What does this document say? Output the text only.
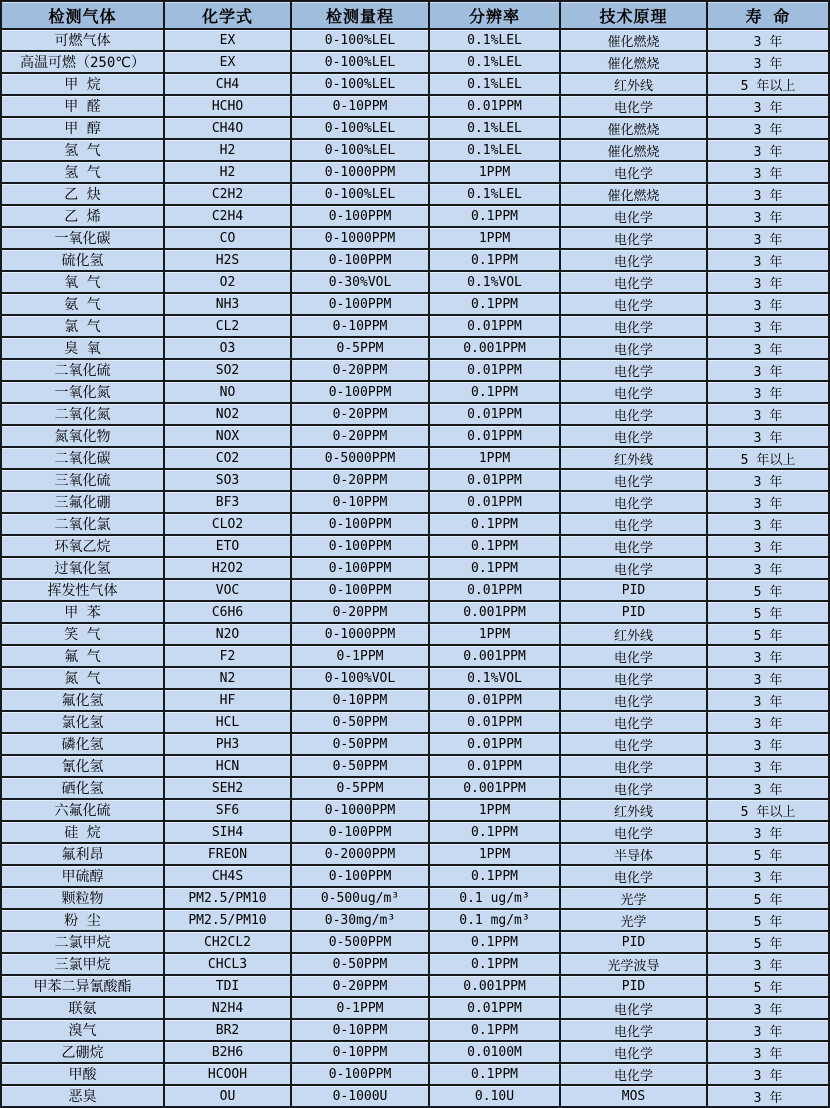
检测气体	化学式	检测量程	分辨率	技术原理	寿 命
可燃气体	EX	0-100%LEL	0.1%LEL	催化燃烧	3 年
高温可燃（250℃）	EX	0-100%LEL	0.1%LEL	催化燃烧	3 年
甲 烷	CH4	0-100%LEL	0.1%LEL	红外线	5 年以上
甲 醛	HCHO	0-10PPM	0.01PPM	电化学	3 年
甲 醇	CH4O	0-100%LEL	0.1%LEL	催化燃烧	3 年
氢 气	H2	0-100%LEL	0.1%LEL	催化燃烧	3 年
氢 气	H2	0-1000PPM	1PPM	电化学	3 年
乙 炔	C2H2	0-100%LEL	0.1%LEL	催化燃烧	3 年
乙 烯	C2H4	0-100PPM	0.1PPM	电化学	3 年
一氧化碳	CO	0-1000PPM	1PPM	电化学	3 年
硫化氢	H2S	0-100PPM	0.1PPM	电化学	3 年
氧 气	O2	0-30%VOL	0.1%VOL	电化学	3 年
氨 气	NH3	0-100PPM	0.1PPM	电化学	3 年
氯 气	CL2	0-10PPM	0.01PPM	电化学	3 年
臭 氧	O3	0-5PPM	0.001PPM	电化学	3 年
二氧化硫	SO2	0-20PPM	0.01PPM	电化学	3 年
一氧化氮	NO	0-100PPM	0.1PPM	电化学	3 年
二氧化氮	NO2	0-20PPM	0.01PPM	电化学	3 年
氮氧化物	NOX	0-20PPM	0.01PPM	电化学	3 年
二氧化碳	CO2	0-5000PPM	1PPM	红外线	5 年以上
三氧化硫	SO3	0-20PPM	0.01PPM	电化学	3 年
三氟化硼	BF3	0-10PPM	0.01PPM	电化学	3 年
二氧化氯	CLO2	0-100PPM	0.1PPM	电化学	3 年
环氧乙烷	ETO	0-100PPM	0.1PPM	电化学	3 年
过氧化氢	H2O2	0-100PPM	0.1PPM	电化学	3 年
挥发性气体	VOC	0-100PPM	0.01PPM	PID	5 年
甲 苯	C6H6	0-20PPM	0.001PPM	PID	5 年
笑 气	N2O	0-1000PPM	1PPM	红外线	5 年
氟 气	F2	0-1PPM	0.001PPM	电化学	3 年
氮 气	N2	0-100%VOL	0.1%VOL	电化学	3 年
氟化氢	HF	0-10PPM	0.01PPM	电化学	3 年
氯化氢	HCL	0-50PPM	0.01PPM	电化学	3 年
磷化氢	PH3	0-50PPM	0.01PPM	电化学	3 年
氰化氢	HCN	0-50PPM	0.01PPM	电化学	3 年
硒化氢	SEH2	0-5PPM	0.001PPM	电化学	3 年
六氟化硫	SF6	0-1000PPM	1PPM	红外线	5 年以上
硅 烷	SIH4	0-100PPM	0.1PPM	电化学	3 年
氟利昂	FREON	0-2000PPM	1PPM	半导体	5 年
甲硫醇	CH4S	0-100PPM	0.1PPM	电化学	3 年
颗粒物	PM2.5/PM10	0-500ug/m³	0.1 ug/m³	光学	5 年
粉 尘	PM2.5/PM10	0-30mg/m³	0.1 mg/m³	光学	5 年
二氯甲烷	CH2CL2	0-500PPM	0.1PPM	PID	5 年
三氯甲烷	CHCL3	0-50PPM	0.1PPM	光学波导	3 年
甲苯二异氰酸酯	TDI	0-20PPM	0.001PPM	PID	5 年
联氨	N2H4	0-1PPM	0.01PPM	电化学	3 年
溴气	BR2	0-10PPM	0.1PPM	电化学	3 年
乙硼烷	B2H6	0-10PPM	0.0100M	电化学	3 年
甲酸	HCOOH	0-100PPM	0.1PPM	电化学	3 年
恶臭	OU	0-1000U	0.10U	MOS	3 年
